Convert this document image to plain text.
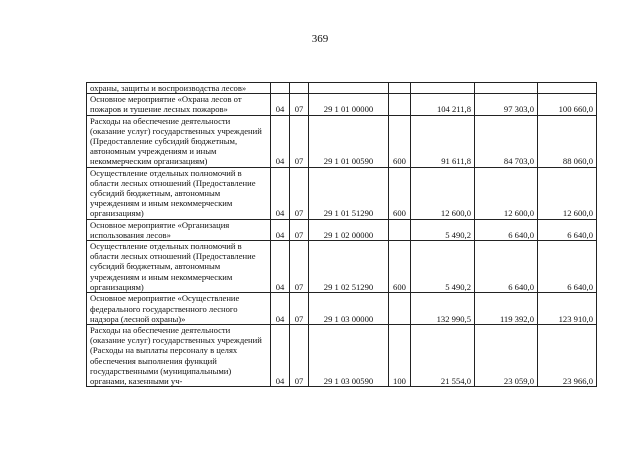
369
охраны, защиты и воспроизводства лесов»							
Основное мероприятие «Охрана лесов от пожаров и тушение лесных пожаров»	04	07	29 1 01 00000		104 211,8	97 303,0	100 660,0
Расходы на обеспечение деятельности (оказание услуг) государственных учреждений (Предоставление субсидий бюджетным, автономным учреждениям и иным некоммерческим организациям)	04	07	29 1 01 00590	600	91 611,8	84 703,0	88 060,0
Осуществление отдельных полномочий в области лесных отношений (Предоставление субсидий бюджетным, автономным учреждениям и иным некоммерческим организациям)	04	07	29 1 01 51290	600	12 600,0	12 600,0	12 600,0
Основное мероприятие «Организация использования лесов»	04	07	29 1 02 00000		5 490,2	6 640,0	6 640,0
Осуществление отдельных полномочий в области лесных отношений (Предоставление субсидий бюджетным, автономным учреждениям и иным некоммерческим организациям)	04	07	29 1 02 51290	600	5 490,2	6 640,0	6 640,0
Основное мероприятие «Осуществление федерального государственного лесного надзора (лесной охраны)»	04	07	29 1 03 00000		132 990,5	119 392,0	123 910,0
Расходы на обеспечение деятельности (оказание услуг) государственных учреждений (Расходы на выплаты персоналу в целях обеспечения выполнения функций государственными (муниципальными) органами, казенными уч-	04	07	29 1 03 00590	100	21 554,0	23 059,0	23 966,0
